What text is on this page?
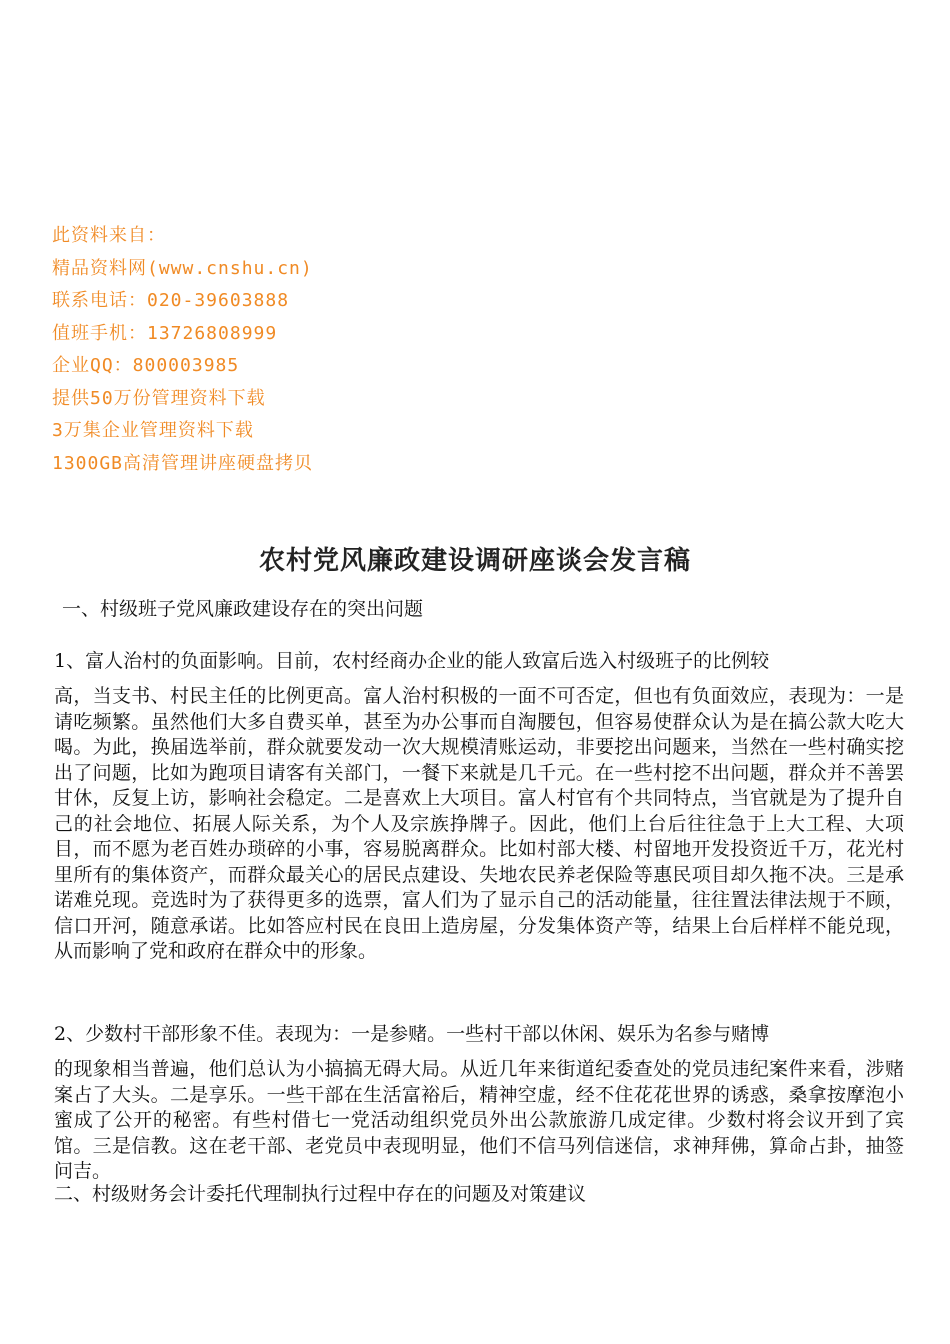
此资料来自：
精品资料网(www.cnshu.cn)
联系电话：020-39603888
值班手机：13726808999
企业QQ：800003985
提供50万份管理资料下载
3万集企业管理资料下载
1300GB高清管理讲座硬盘拷贝
农村党风廉政建设调研座谈会发言稿
一、村级班子党风廉政建设存在的突出问题
1、富人治村的负面影响。目前，农村经商办企业的能人致富后选入村级班子的比例较
高，当支书、村民主任的比例更高。富人治村积极的一面不可否定，但也有负面效应，表现为：一是请吃频繁。虽然他们大多自费买单，甚至为办公事而自淘腰包，但容易使群众认为是在搞公款大吃大喝。为此，换届选举前，群众就要发动一次大规模清账运动，非要挖出问题来，当然在一些村确实挖出了问题，比如为跑项目请客有关部门，一餐下来就是几千元。在一些村挖不出问题，群众并不善罢甘休，反复上访，影响社会稳定。二是喜欢上大项目。富人村官有个共同特点，当官就是为了提升自己的社会地位、拓展人际关系，为个人及宗族挣牌子。因此，他们上台后往往急于上大工程、大项目，而不愿为老百姓办琐碎的小事，容易脱离群众。比如村部大楼、村留地开发投资近千万，花光村里所有的集体资产，而群众最关心的居民点建设、失地农民养老保险等惠民项目却久拖不决。三是承诺难兑现。竞选时为了获得更多的选票，富人们为了显示自己的活动能量，往往置法律法规于不顾，信口开河，随意承诺。比如答应村民在良田上造房屋，分发集体资产等，结果上台后样样不能兑现，从而影响了党和政府在群众中的形象。
2、少数村干部形象不佳。表现为：一是参赌。一些村干部以休闲、娱乐为名参与赌博
的现象相当普遍，他们总认为小搞搞无碍大局。从近几年来街道纪委查处的党员违纪案件来看，涉赌案占了大头。二是享乐。一些干部在生活富裕后，精神空虚，经不住花花世界的诱惑，桑拿按摩泡小蜜成了公开的秘密。有些村借七一党活动组织党员外出公款旅游几成定律。少数村将会议开到了宾馆。三是信教。这在老干部、老党员中表现明显，他们不信马列信迷信，求神拜佛，算命占卦，抽签问吉。
二、村级财务会计委托代理制执行过程中存在的问题及对策建议
